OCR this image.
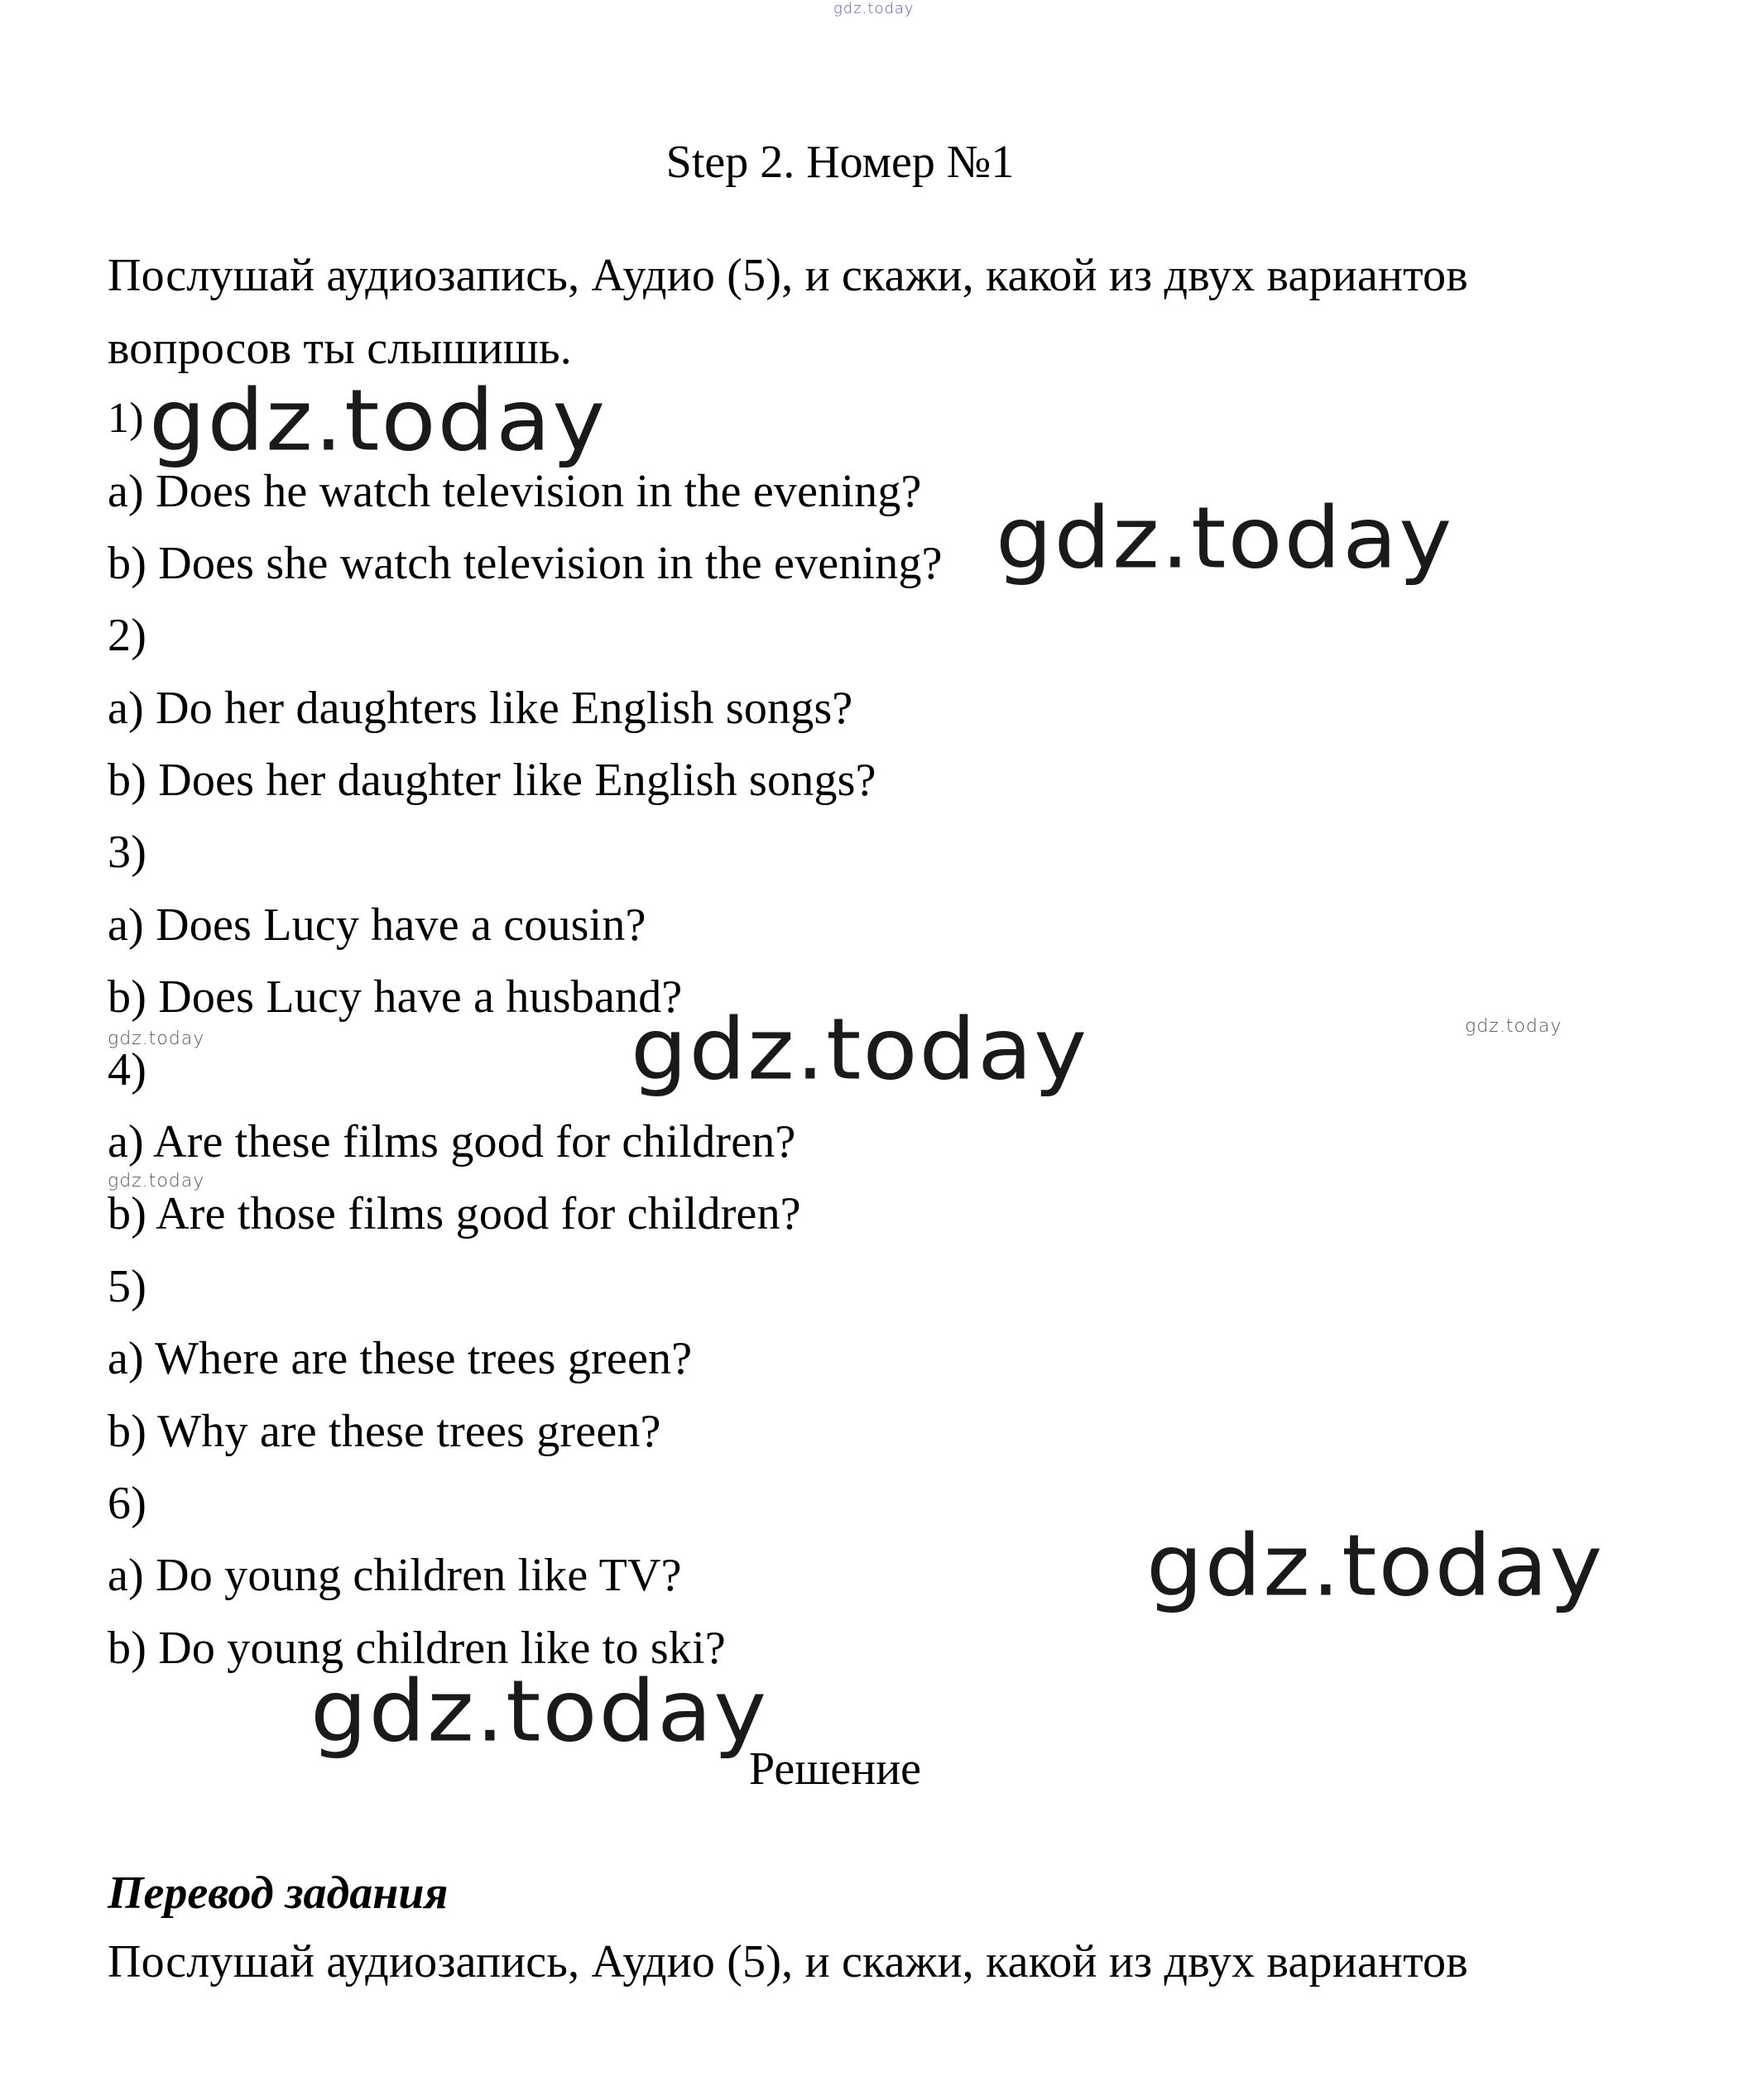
gdz.today
Step 2. Номер №1
Послушай аудиозапись, Аудио (5), и скажи, какой из двух вариантов
вопросов ты слышишь.
1)
a) Does he watch television in the evening?
b) Does she watch television in the evening?
2)
a) Do her daughters like English songs?
b) Does her daughter like English songs?
3)
a) Does Lucy have a cousin?
b) Does Lucy have a husband?
4)
a) Are these films good for children?
b) Are those films good for children?
5)
a) Where are these trees green?
b) Why are these trees green?
6)
a) Do young children like TV?
b) Do young children like to ski?
Решение
Перевод задания
Послушай аудиозапись, Аудио (5), и скажи, какой из двух вариантов
gdz.today
gdz.today
gdz.today
gdz.today
gdz.today
gdz.today
gdz.today
gdz.today
